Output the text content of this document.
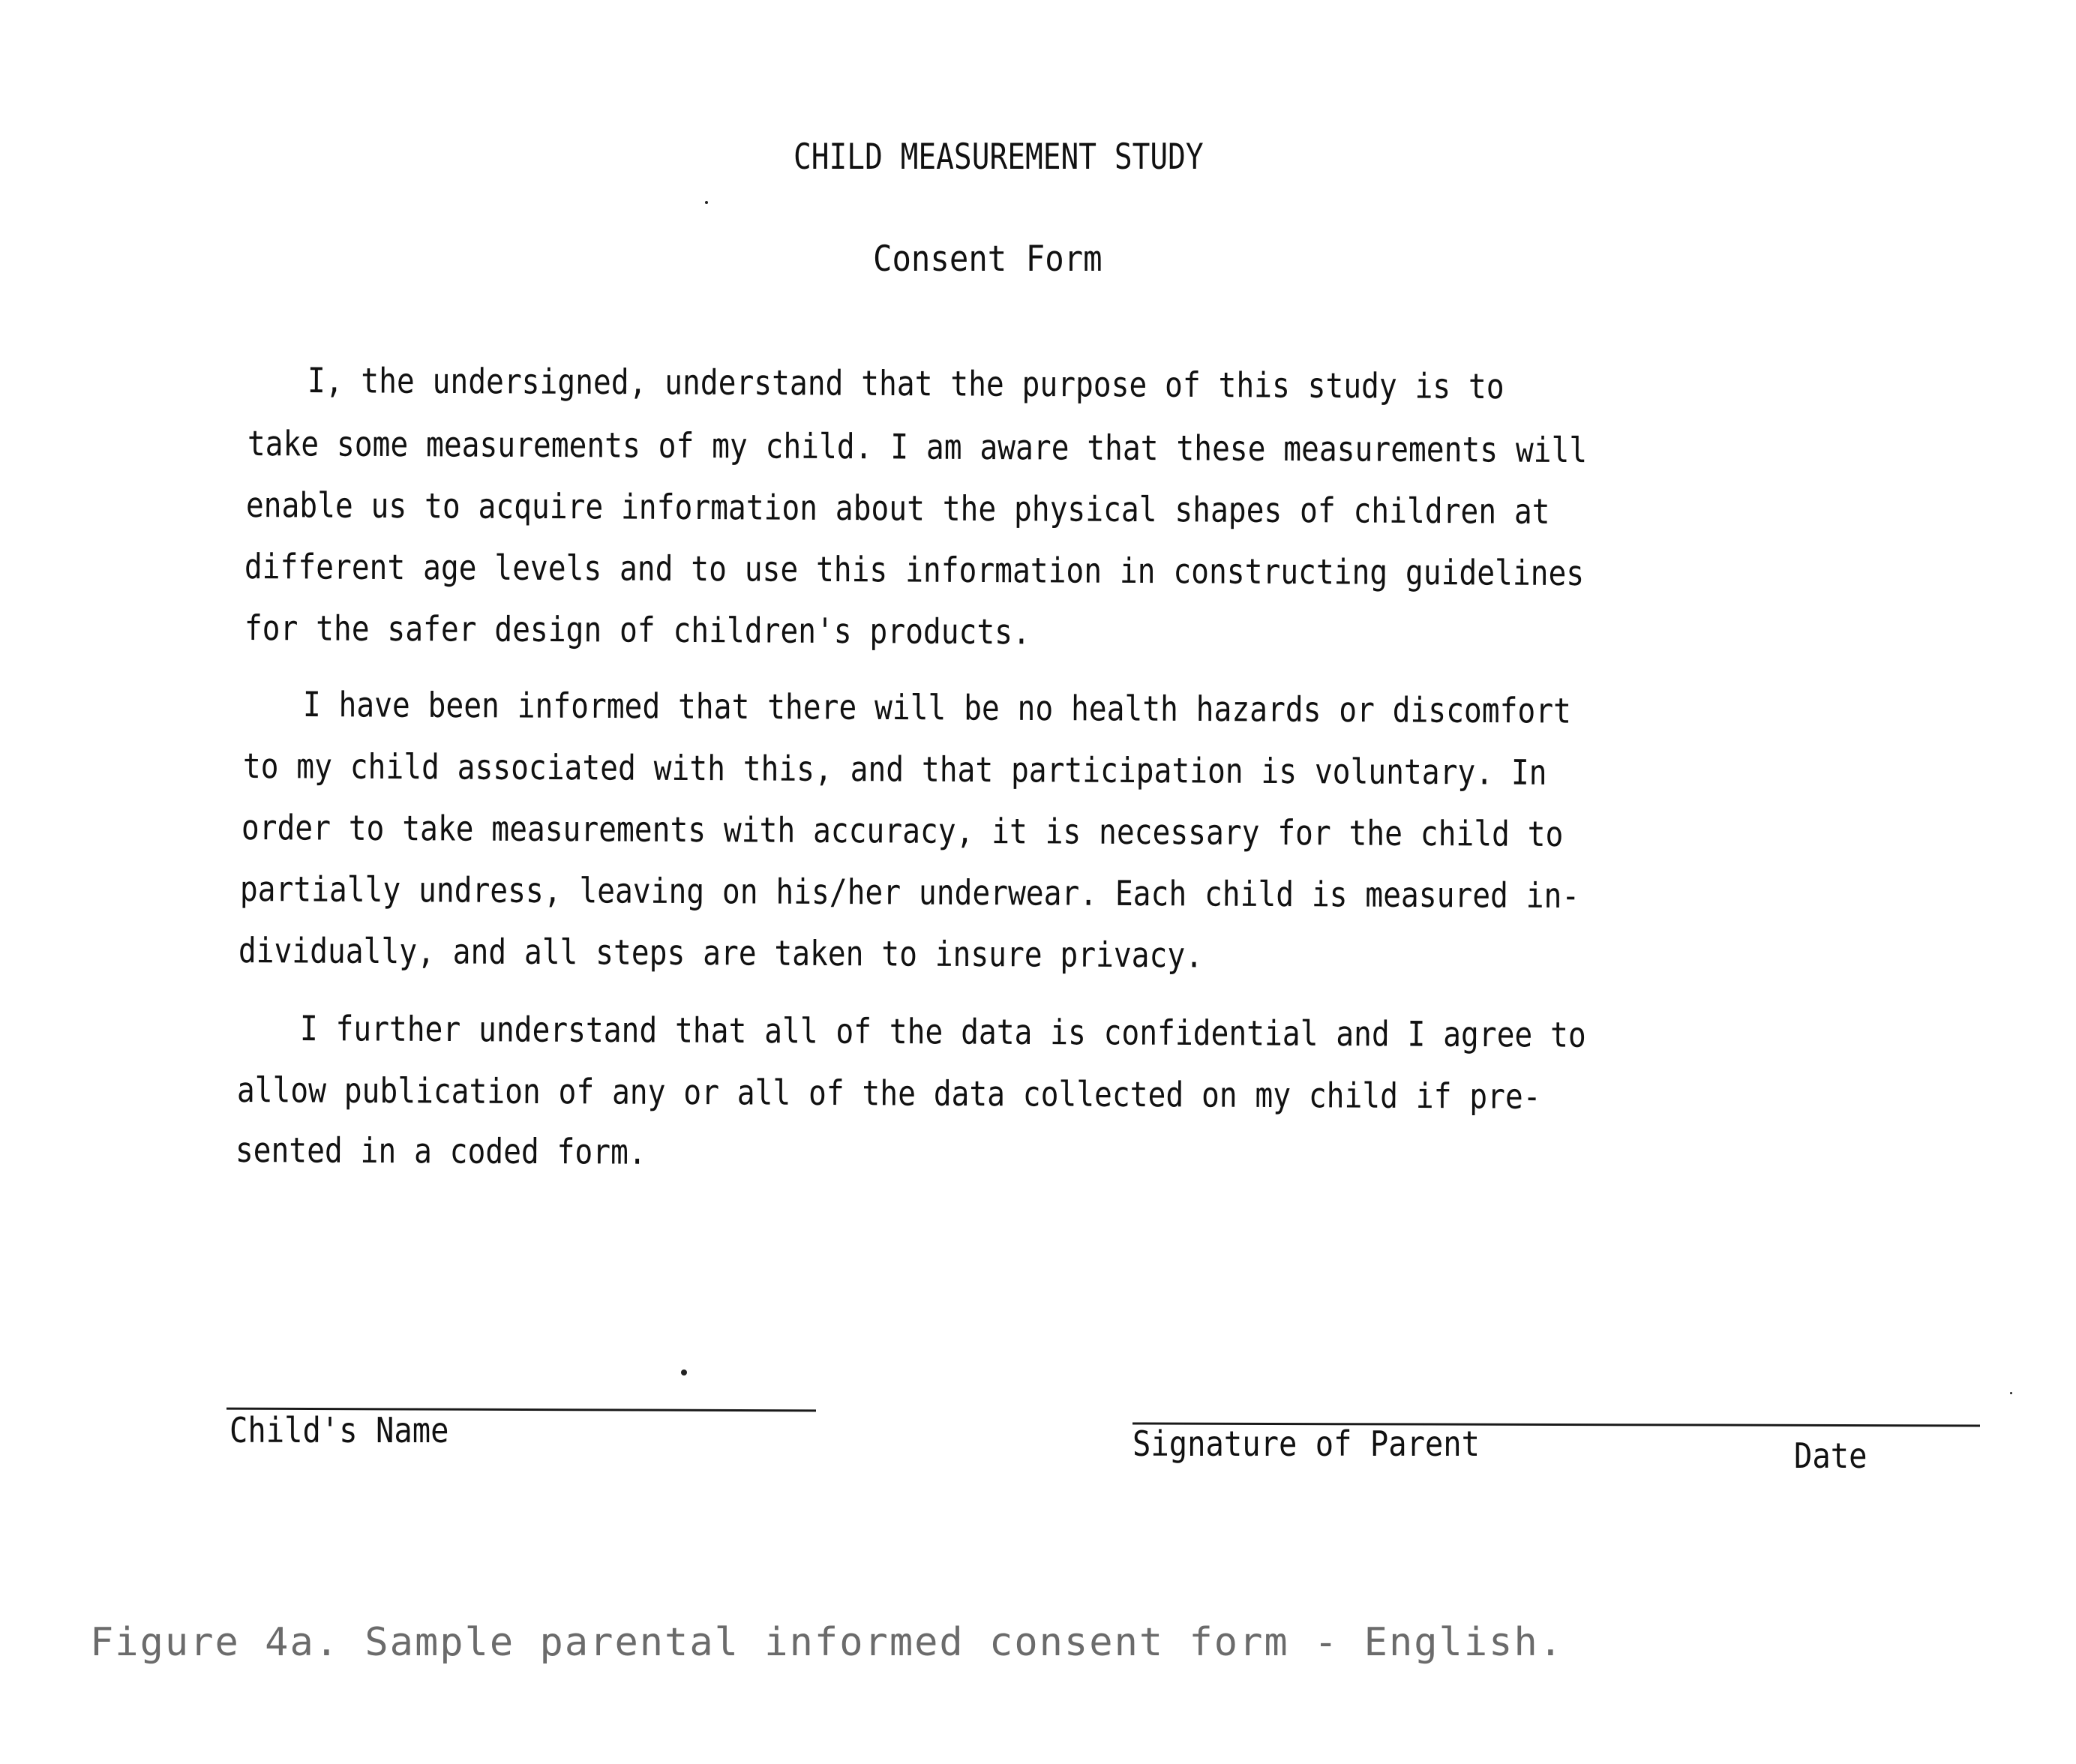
CHILD MEASUREMENT STUDY
Consent Form
I, the undersigned, understand that the purpose of this study is to
take some measurements of my child. I am aware that these measurements will
enable us to acquire information about the physical shapes of children at
different age levels and to use this information in constructing guidelines
for the safer design of children's products.
I have been informed that there will be no health hazards or discomfort
to my child associated with this, and that participation is voluntary. In
order to take measurements with accuracy, it is necessary for the child to
partially undress, leaving on his/her underwear. Each child is measured in-
dividually, and all steps are taken to insure privacy.
I further understand that all of the data is confidential and I agree to
allow publication of any or all of the data collected on my child if pre-
sented in a coded form.
Child's Name	Signature of Parent	Date
Figure 4a. Sample parental informed consent form - English.
